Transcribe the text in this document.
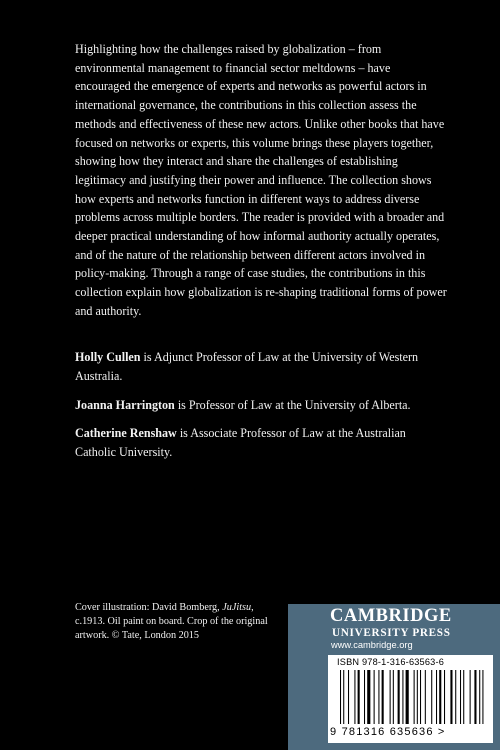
Highlighting how the challenges raised by globalization – from environmental management to financial sector meltdowns – have encouraged the emergence of experts and networks as powerful actors in international governance, the contributions in this collection assess the methods and effectiveness of these new actors. Unlike other books that have focused on networks or experts, this volume brings these players together, showing how they interact and share the challenges of establishing legitimacy and justifying their power and influence. The collection shows how experts and networks function in different ways to address diverse problems across multiple borders. The reader is provided with a broader and deeper practical understanding of how informal authority actually operates, and of the nature of the relationship between different actors involved in policy-making. Through a range of case studies, the contributions in this collection explain how globalization is re-shaping traditional forms of power and authority.

Holly Cullen is Adjunct Professor of Law at the University of Western Australia.

Joanna Harrington is Professor of Law at the University of Alberta.

Catherine Renshaw is Associate Professor of Law at the Australian Catholic University.

Cover illustration: David Bomberg, JuJitsu, c.1913. Oil paint on board. Crop of the original artwork. © Tate, London 2015

CAMBRIDGE
UNIVERSITY PRESS
www.cambridge.org
ISBN 978-1-316-63563-6
9 781316 635636 >
